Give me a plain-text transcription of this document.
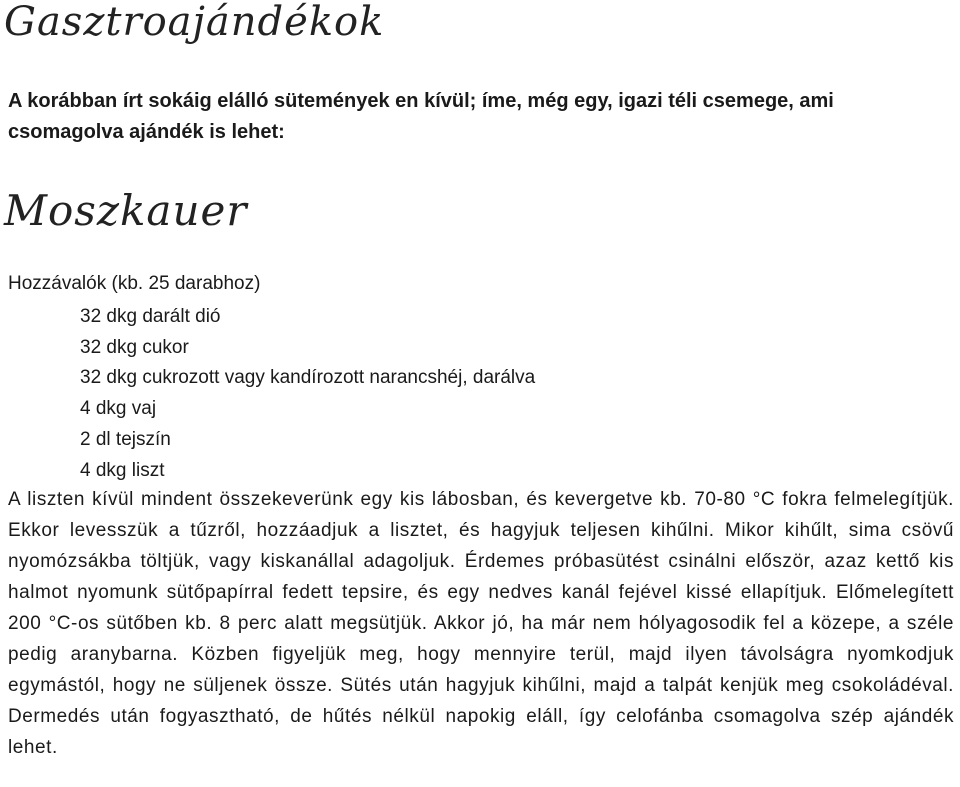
Gasztroajándékok

A korábban írt sokáig elálló sütemények en kívül; íme, még egy, igazi téli csemege, ami csomagolva ajándék is lehet:

Moszkauer

Hozzávalók (kb. 25 darabhoz)

32 dkg darált dió
32 dkg cukor
32 dkg cukrozott vagy kandírozott narancshéj, darálva
4 dkg vaj
2 dl tejszín
4 dkg liszt

A liszten kívül mindent összekeverünk egy kis lábosban, és kevergetve kb. 70-80 °C fokra felmelegítjük. Ekkor levesszük a tűzről, hozzáadjuk a lisztet, és hagyjuk teljesen kihűlni. Mikor kihűlt, sima csövű nyomózsákba töltjük, vagy kiskanállal adagoljuk. Érdemes próbasütést csinálni először, azaz kettő kis halmot nyomunk sütőpapírral fedett tepsire, és egy nedves kanál fejével kissé ellapítjuk. Előmelegített 200 °C-os sütőben kb. 8 perc alatt megsütjük. Akkor jó, ha már nem hólyagosodik fel a közepe, a széle pedig aranybarna. Közben figyeljük meg, hogy mennyire terül, majd ilyen távolságra nyomkodjuk egymástól, hogy ne süljenek össze. Sütés után hagyjuk kihűlni, majd a talpát kenjük meg csokoládéval. Dermedés után fogyasztható, de hűtés nélkül napokig eláll, így celofánba csomagolva szép ajándék lehet.
